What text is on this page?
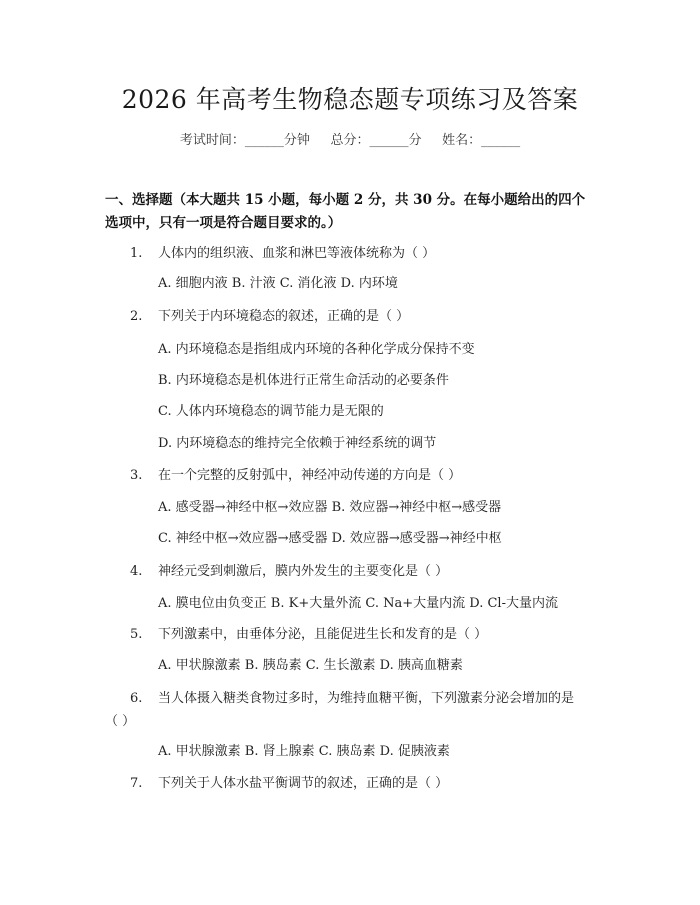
2026 年高考生物稳态题专项练习及答案
考试时间：______分钟     总分：______分     姓名：______
一、选择题（本大题共 15 小题，每小题 2 分，共 30 分。在每小题给出的四个选项中，只有一项是符合题目要求的。）
1. 人体内的组织液、血浆和淋巴等液体统称为（ ）
A. 细胞内液 B. 汁液 C. 消化液 D. 内环境
2. 下列关于内环境稳态的叙述，正确的是（ ）
A. 内环境稳态是指组成内环境的各种化学成分保持不变
B. 内环境稳态是机体进行正常生命活动的必要条件
C. 人体内环境稳态的调节能力是无限的
D. 内环境稳态的维持完全依赖于神经系统的调节
3. 在一个完整的反射弧中，神经冲动传递的方向是（ ）
A. 感受器→神经中枢→效应器 B. 效应器→神经中枢→感受器
C. 神经中枢→效应器→感受器 D. 效应器→感受器→神经中枢
4. 神经元受到刺激后，膜内外发生的主要变化是（ ）
A. 膜电位由负变正 B. K+大量外流 C. Na+大量内流 D. Cl-大量内流
5. 下列激素中，由垂体分泌，且能促进生长和发育的是（ ）
A. 甲状腺激素 B. 胰岛素 C. 生长激素 D. 胰高血糖素
6. 当人体摄入糖类食物过多时，为维持血糖平衡，下列激素分泌会增加的是
（ ）
A. 甲状腺激素 B. 肾上腺素 C. 胰岛素 D. 促胰液素
7. 下列关于人体水盐平衡调节的叙述，正确的是（ ）
